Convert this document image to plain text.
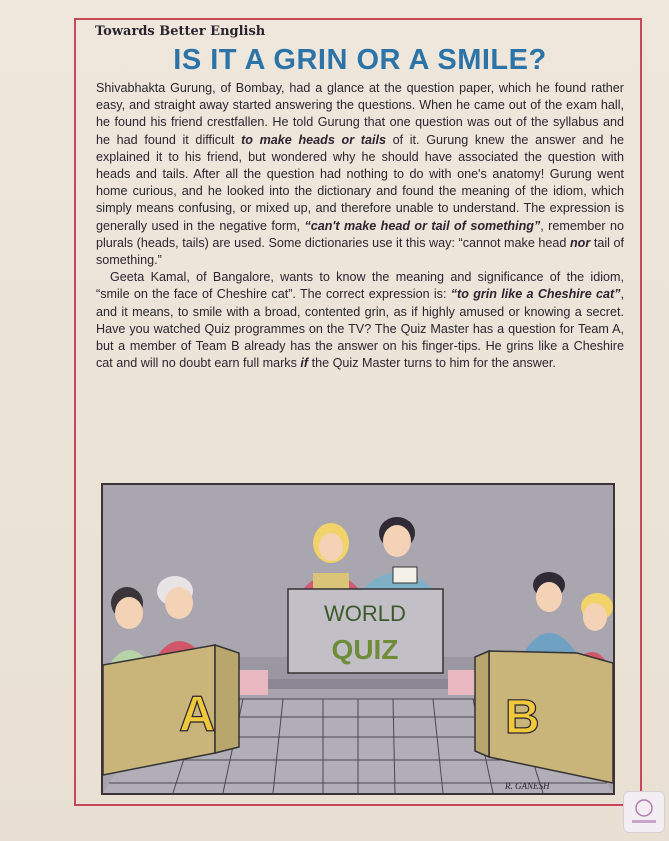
Towards Better English
IS IT A GRIN OR A SMILE?

Shivabhakta Gurung, of Bombay, had a glance at the question paper, which he found rather easy, and straight away started answering the questions. When he came out of the exam hall, he found his friend crestfallen. He told Gurung that one question was out of the syllabus and he had found it difficult to make heads or tails of it. Gurung knew the answer and he explained it to his friend, but wondered why he should have associated the question with heads and tails. After all the question had nothing to do with one's anatomy! Gurung went home curious, and he looked into the dictionary and found the meaning of the idiom, which simply means confusing, or mixed up, and therefore unable to understand. The expression is generally used in the negative form, “can't make head or tail of something”, remember no plurals (heads, tails) are used. Some dictionaries use it this way: “cannot make head nor tail of something.”

Geeta Kamal, of Bangalore, wants to know the meaning and significance of the idiom, “smile on the face of Cheshire cat”. The correct expression is: “to grin like a Cheshire cat”, and it means, to smile with a broad, contented grin, as if highly amused or knowing a secret. Have you watched Quiz programmes on the TV? The Quiz Master has a question for Team A, but a member of Team B already has the answer on his finger-tips. He grins like a Cheshire cat and will no doubt earn full marks if the Quiz Master turns to him for the answer.

WORLD
QUIZ
A	B
R. GANESH
